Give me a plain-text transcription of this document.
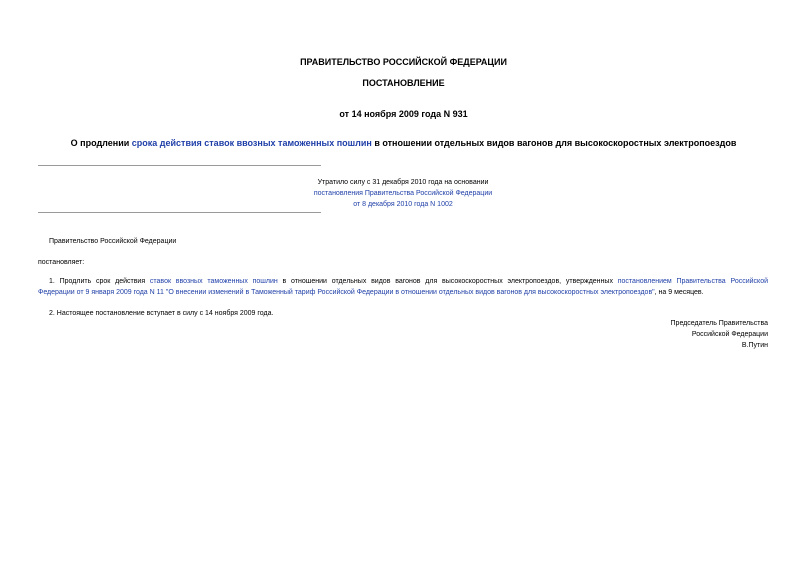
ПРАВИТЕЛЬСТВО РОССИЙСКОЙ ФЕДЕРАЦИИ
ПОСТАНОВЛЕНИЕ
от 14 ноября 2009 года N 931
О продлении срока действия ставок ввозных таможенных пошлин в отношении отдельных видов вагонов для высокоскоростных электропоездов
Утратило силу с 31 декабря 2010 года на основании
постановления Правительства Российской Федерации
от 8 декабря 2010 года N 1002
Правительство Российской Федерации
постановляет:
1. Продлить срок действия ставок ввозных таможенных пошлин в отношении отдельных видов вагонов для высокоскоростных электропоездов, утвержденных постановлением Правительства Российской
Федерации от 9 января 2009 года N 11 "О внесении изменений в Таможенный тариф Российской Федерации в отношении отдельных видов вагонов для высокоскоростных электропоездов", на 9 месяцев.
2. Настоящее постановление вступает в силу с 14 ноября 2009 года.
Председатель Правительства
Российской Федерации
В.Путин
